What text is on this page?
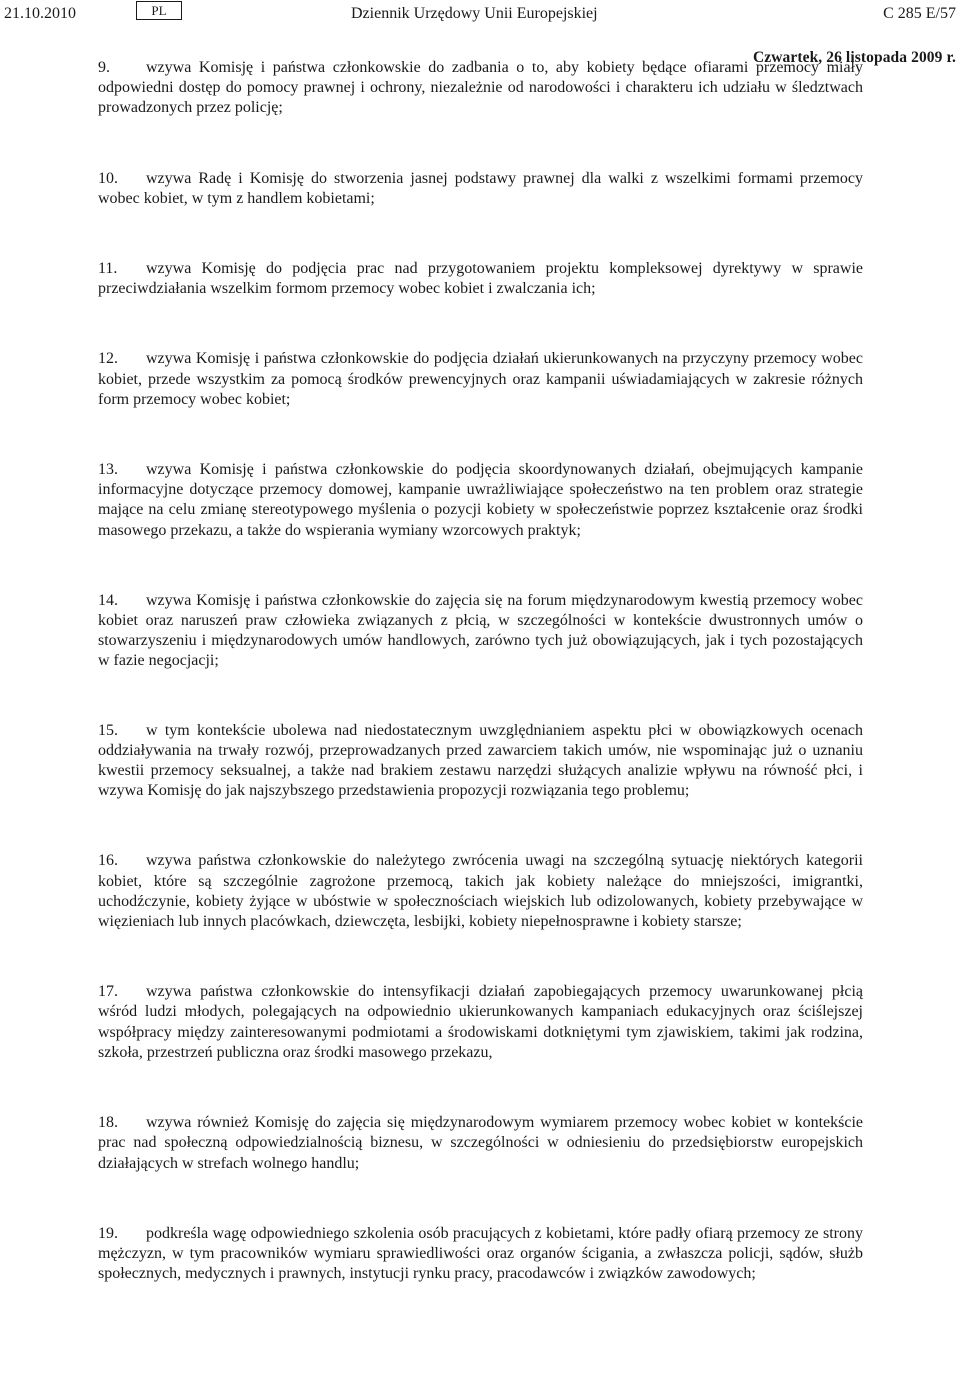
21.10.2010	PL	Dziennik Urzędowy Unii Europejskiej	C 285 E/57
Czwartek, 26 listopada 2009 r.

9. wzywa Komisję i państwa członkowskie do zadbania o to, aby kobiety będące ofiarami przemocy miały odpowiedni dostęp do pomocy prawnej i ochrony, niezależnie od narodowości i charakteru ich udziału w śledztwach prowadzonych przez policję;

10. wzywa Radę i Komisję do stworzenia jasnej podstawy prawnej dla walki z wszelkimi formami przemocy wobec kobiet, w tym z handlem kobietami;

11. wzywa Komisję do podjęcia prac nad przygotowaniem projektu kompleksowej dyrektywy w sprawie przeciwdziałania wszelkim formom przemocy wobec kobiet i zwalczania ich;

12. wzywa Komisję i państwa członkowskie do podjęcia działań ukierunkowanych na przyczyny przemocy wobec kobiet, przede wszystkim za pomocą środków prewencyjnych oraz kampanii uświadamiających w zakresie różnych form przemocy wobec kobiet;

13. wzywa Komisję i państwa członkowskie do podjęcia skoordynowanych działań, obejmujących kampanie informacyjne dotyczące przemocy domowej, kampanie uwrażliwiające społeczeństwo na ten problem oraz strategie mające na celu zmianę stereotypowego myślenia o pozycji kobiety w społeczeństwie poprzez kształcenie oraz środki masowego przekazu, a także do wspierania wymiany wzorcowych praktyk;

14. wzywa Komisję i państwa członkowskie do zajęcia się na forum międzynarodowym kwestią przemocy wobec kobiet oraz naruszeń praw człowieka związanych z płcią, w szczególności w kontekście dwustronnych umów o stowarzyszeniu i międzynarodowych umów handlowych, zarówno tych już obowiązujących, jak i tych pozostających w fazie negocjacji;

15. w tym kontekście ubolewa nad niedostatecznym uwzględnianiem aspektu płci w obowiązkowych ocenach oddziaływania na trwały rozwój, przeprowadzanych przed zawarciem takich umów, nie wspominając już o uznaniu kwestii przemocy seksualnej, a także nad brakiem zestawu narzędzi służących analizie wpływu na równość płci, i wzywa Komisję do jak najszybszego przedstawienia propozycji rozwiązania tego problemu;

16. wzywa państwa członkowskie do należytego zwrócenia uwagi na szczególną sytuację niektórych kategorii kobiet, które są szczególnie zagrożone przemocą, takich jak kobiety należące do mniejszości, imigrantki, uchodźczynie, kobiety żyjące w ubóstwie w społecznościach wiejskich lub odizolowanych, kobiety przebywające w więzieniach lub innych placówkach, dziewczęta, lesbijki, kobiety niepełnosprawne i kobiety starsze;

17. wzywa państwa członkowskie do intensyfikacji działań zapobiegających przemocy uwarunkowanej płcią wśród ludzi młodych, polegających na odpowiednio ukierunkowanych kampaniach edukacyjnych oraz ściślejszej współpracy między zainteresowanymi podmiotami a środowiskami dotkniętymi tym zjawiskiem, takimi jak rodzina, szkoła, przestrzeń publiczna oraz środki masowego przekazu,

18. wzywa również Komisję do zajęcia się międzynarodowym wymiarem przemocy wobec kobiet w kontekście prac nad społeczną odpowiedzialnością biznesu, w szczególności w odniesieniu do przedsiębiorstw europejskich działających w strefach wolnego handlu;

19. podkreśla wagę odpowiedniego szkolenia osób pracujących z kobietami, które padły ofiarą przemocy ze strony mężczyzn, w tym pracowników wymiaru sprawiedliwości oraz organów ścigania, a zwłaszcza policji, sądów, służb społecznych, medycznych i prawnych, instytucji rynku pracy, pracodawców i związków zawodowych;
